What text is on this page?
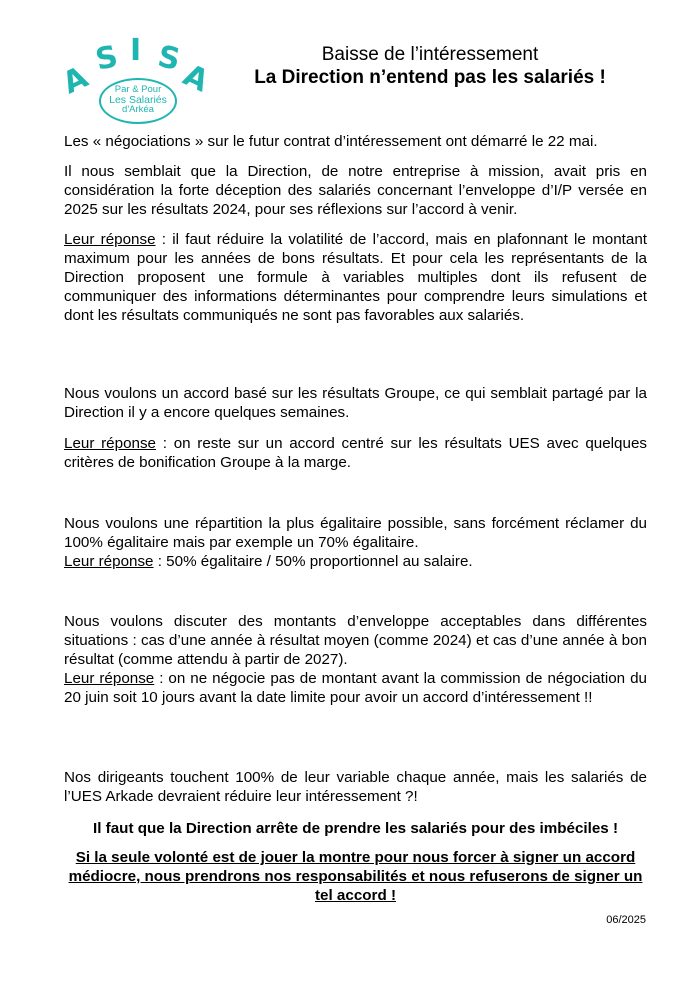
A
S I S
A
Par & Pour
Les Salariés
d'Arkéa
Baisse de l’intéressement
La Direction n’entend pas les salariés !
Les « négociations » sur le futur contrat d’intéressement ont démarré le 22 mai.
Il nous semblait que la Direction, de notre entreprise à mission, avait pris en considération la forte déception des salariés concernant l’enveloppe d’I/P versée en 2025 sur les résultats 2024, pour ses réflexions sur l’accord à venir.
Leur réponse : il faut réduire la volatilité de l’accord, mais en plafonnant le montant maximum pour les années de bons résultats. Et pour cela les représentants de la Direction proposent une formule à variables multiples dont ils refusent de communiquer des informations déterminantes pour comprendre leurs simulations et dont les résultats communiqués ne sont pas favorables aux salariés.
Nous voulons un accord basé sur les résultats Groupe, ce qui semblait partagé par la Direction il y a encore quelques semaines.
Leur réponse : on reste sur un accord centré sur les résultats UES avec quelques critères de bonification Groupe à la marge.
Nous voulons une répartition la plus égalitaire possible, sans forcément réclamer du 100% égalitaire mais par exemple un 70% égalitaire.
Leur réponse : 50% égalitaire / 50% proportionnel au salaire.
Nous voulons discuter des montants d’enveloppe acceptables dans différentes situations : cas d’une année à résultat moyen (comme 2024) et cas d’une année à bon résultat (comme attendu à partir de 2027).
Leur réponse : on ne négocie pas de montant avant la commission de négociation du 20 juin soit 10 jours avant la date limite pour avoir un accord d’intéressement !!
Nos dirigeants touchent 100% de leur variable chaque année, mais les salariés de l’UES Arkade devraient réduire leur intéressement ?!
Il faut que la Direction arrête de prendre les salariés pour des imbéciles !
Si la seule volonté est de jouer la montre pour nous forcer à signer un accord médiocre, nous prendrons nos responsabilités et nous refuserons de signer un tel accord !
06/2025
